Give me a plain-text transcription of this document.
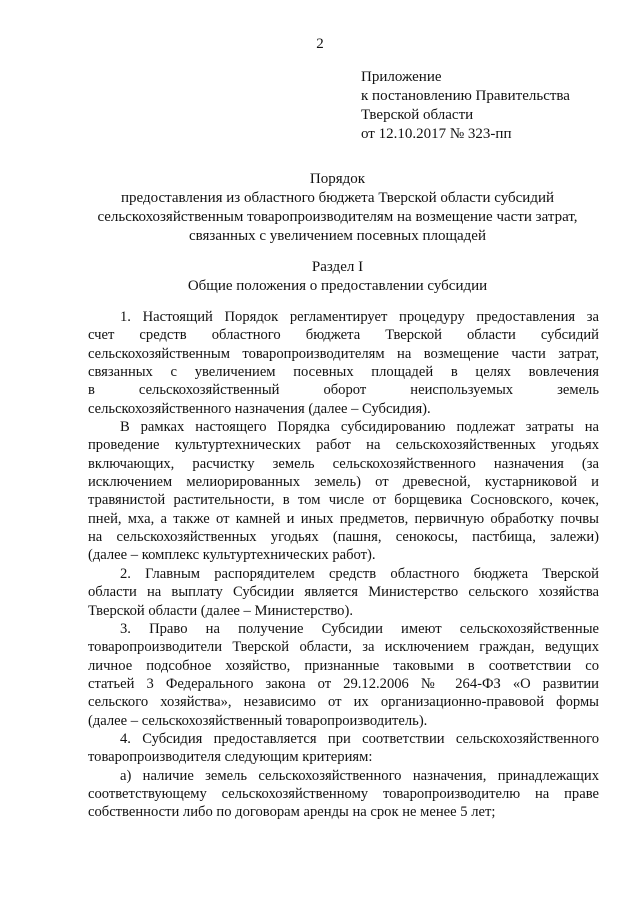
2
Приложение
к постановлению Правительства
Тверской области
от 12.10.2017 № 323-пп
Порядок
предоставления из областного бюджета Тверской области субсидий
сельскохозяйственным товаропроизводителям на возмещение части затрат,
связанных с увеличением посевных площадей
Раздел I
Общие положения о предоставлении субсидии

1. Настоящий Порядок регламентирует процедуру предоставления за
счет средств областного бюджета Тверской области субсидий
сельскохозяйственным товаропроизводителям на возмещение части затрат,
связанных с увеличением посевных площадей в целях вовлечения
в сельскохозяйственный оборот неиспользуемых земель
сельскохозяйственного назначения (далее – Субсидия).

В рамках настоящего Порядка субсидированию подлежат затраты на
проведение культуртехнических работ на сельскохозяйственных угодьях
включающих, расчистку земель сельскохозяйственного назначения (за
исключением мелиорированных земель) от древесной, кустарниковой и
травянистой растительности, в том числе от борщевика Сосновского, кочек,
пней, мха, а также от камней и иных предметов, первичную обработку почвы
на сельскохозяйственных угодьях (пашня, сенокосы, пастбища, залежи)
(далее – комплекс культуртехнических работ).

2. Главным распорядителем средств областного бюджета Тверской
области на выплату Субсидии является Министерство сельского хозяйства
Тверской области (далее – Министерство).

3. Право на получение Субсидии имеют сельскохозяйственные
товаропроизводители Тверской области, за исключением граждан, ведущих
личное подсобное хозяйство, признанные таковыми в соответствии со
статьей 3 Федерального закона от 29.12.2006 № 264-ФЗ «О развитии
сельского хозяйства», независимо от их организационно-правовой формы
(далее – сельскохозяйственный товаропроизводитель).

4. Субсидия предоставляется при соответствии сельскохозяйственного
товаропроизводителя следующим критериям:

а) наличие земель сельскохозяйственного назначения, принадлежащих
соответствующему сельскохозяйственному товаропроизводителю на праве
собственности либо по договорам аренды на срок не менее 5 лет;
